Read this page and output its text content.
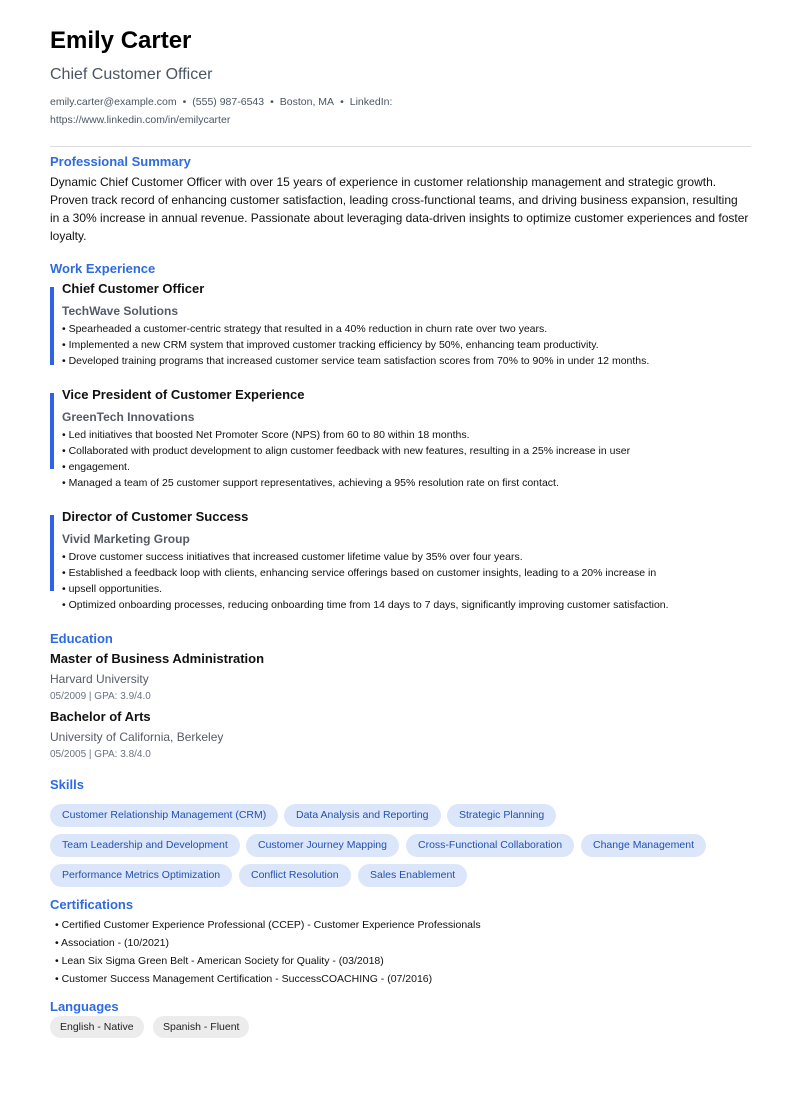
Emily Carter
Chief Customer Officer
emily.carter@example.com • (555) 987-6543 • Boston, MA • LinkedIn:
https://www.linkedin.com/in/emilycarter
Professional Summary
Dynamic Chief Customer Officer with over 15 years of experience in customer relationship management and strategic growth. Proven track record of enhancing customer satisfaction, leading cross-functional teams, and driving business expansion, resulting in a 30% increase in annual revenue. Passionate about leveraging data-driven insights to optimize customer experiences and foster loyalty.
Work Experience
Chief Customer Officer
TechWave Solutions
• Spearheaded a customer-centric strategy that resulted in a 40% reduction in churn rate over two years.
• Implemented a new CRM system that improved customer tracking efficiency by 50%, enhancing team productivity.
• Developed training programs that increased customer service team satisfaction scores from 70% to 90% in under 12 months.
Vice President of Customer Experience
GreenTech Innovations
• Led initiatives that boosted Net Promoter Score (NPS) from 60 to 80 within 18 months.
• Collaborated with product development to align customer feedback with new features, resulting in a 25% increase in user
• engagement.
• Managed a team of 25 customer support representatives, achieving a 95% resolution rate on first contact.
Director of Customer Success
Vivid Marketing Group
• Drove customer success initiatives that increased customer lifetime value by 35% over four years.
• Established a feedback loop with clients, enhancing service offerings based on customer insights, leading to a 20% increase in
• upsell opportunities.
• Optimized onboarding processes, reducing onboarding time from 14 days to 7 days, significantly improving customer satisfaction.
Education
Master of Business Administration
Harvard University
05/2009 | GPA: 3.9/4.0
Bachelor of Arts
University of California, Berkeley
05/2005 | GPA: 3.8/4.0
Skills
Customer Relationship Management (CRM)	Data Analysis and Reporting	Strategic Planning
Team Leadership and Development	Customer Journey Mapping	Cross-Functional Collaboration	Change Management
Performance Metrics Optimization	Conflict Resolution	Sales Enablement
Certifications
• Certified Customer Experience Professional (CCEP) - Customer Experience Professionals
• Association - (10/2021)
• Lean Six Sigma Green Belt - American Society for Quality - (03/2018)
• Customer Success Management Certification - SuccessCOACHING - (07/2016)
Languages
English - Native	Spanish - Fluent
